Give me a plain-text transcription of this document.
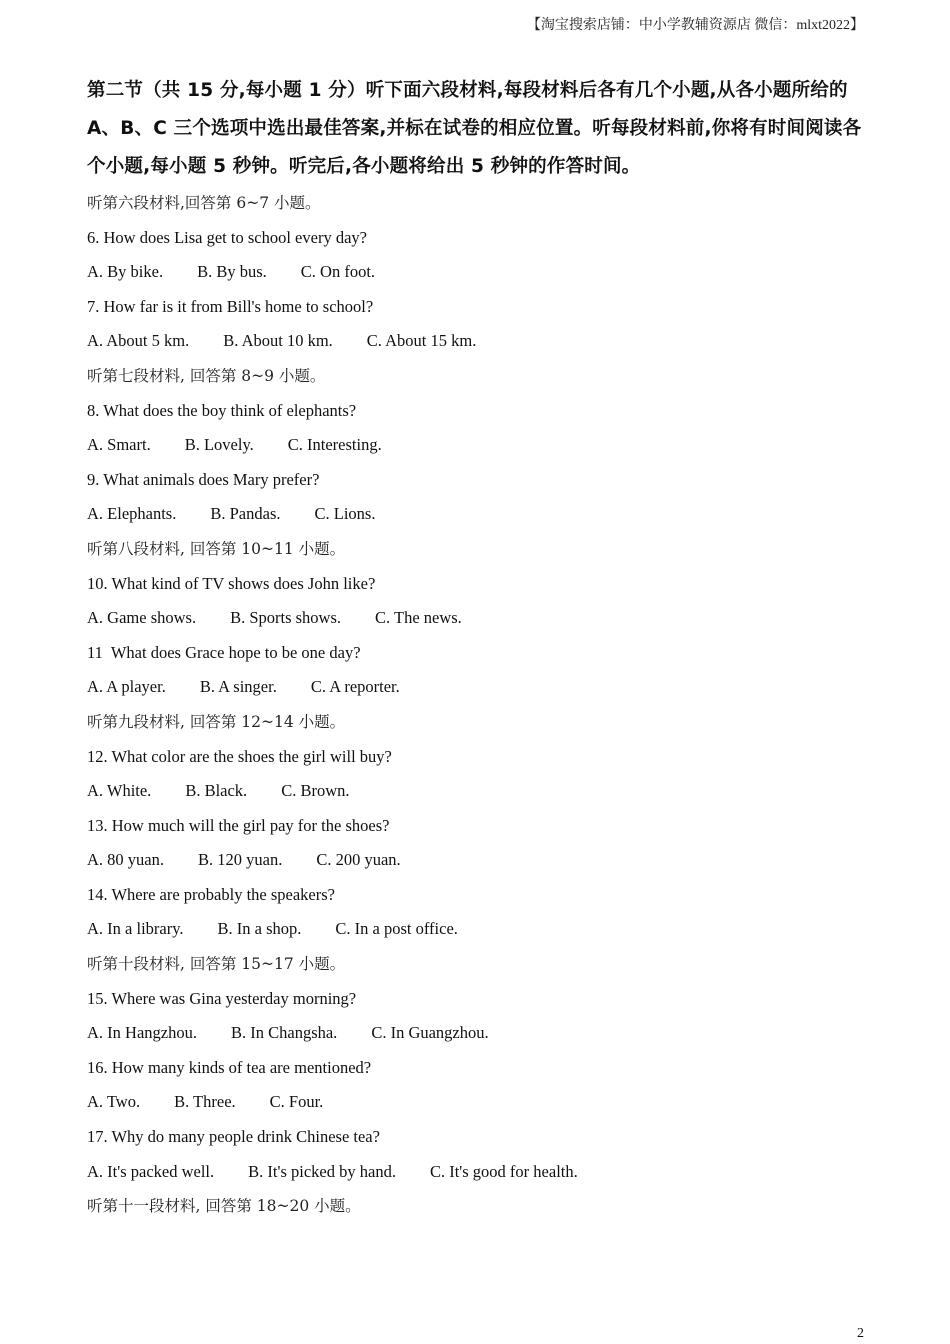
【淘宝搜索店铺：中小学教辅资源店 微信：mlxt2022】

第二节（共 15 分,每小题 1 分）听下面六段材料,每段材料后各有几个小题,从各小题所给的 A、B、C 三个选项中选出最佳答案,并标在试卷的相应位置。听每段材料前,你将有时间阅读各个小题,每小题 5 秒钟。听完后,各小题将给出 5 秒钟的作答时间。

听第六段材料,回答第 6~7 小题。
6. How does Lisa get to school every day?
A. By bike. B. By bus. C. On foot.
7. How far is it from Bill's home to school?
A. About 5 km. B. About 10 km. C. About 15 km.
听第七段材料, 回答第 8~9 小题。
8. What does the boy think of elephants?
A. Smart. B. Lovely. C. Interesting.
9. What animals does Mary prefer?
A. Elephants. B. Pandas. C. Lions.
听第八段材料, 回答第 10~11 小题。
10. What kind of TV shows does John like?
A. Game shows. B. Sports shows. C. The news.
11  What does Grace hope to be one day?
A. A player. B. A singer. C. A reporter.
听第九段材料, 回答第 12~14 小题。
12. What color are the shoes the girl will buy?
A. White. B. Black. C. Brown.
13. How much will the girl pay for the shoes?
A. 80 yuan. B. 120 yuan. C. 200 yuan.
14. Where are probably the speakers?
A. In a library. B. In a shop. C. In a post office.
听第十段材料, 回答第 15~17 小题。
15. Where was Gina yesterday morning?
A. In Hangzhou. B. In Changsha. C. In Guangzhou.
16. How many kinds of tea are mentioned?
A. Two. B. Three. C. Four.
17. Why do many people drink Chinese tea?
A. It's packed well. B. It's picked by hand. C. It's good for health.
听第十一段材料, 回答第 18~20 小题。
2
